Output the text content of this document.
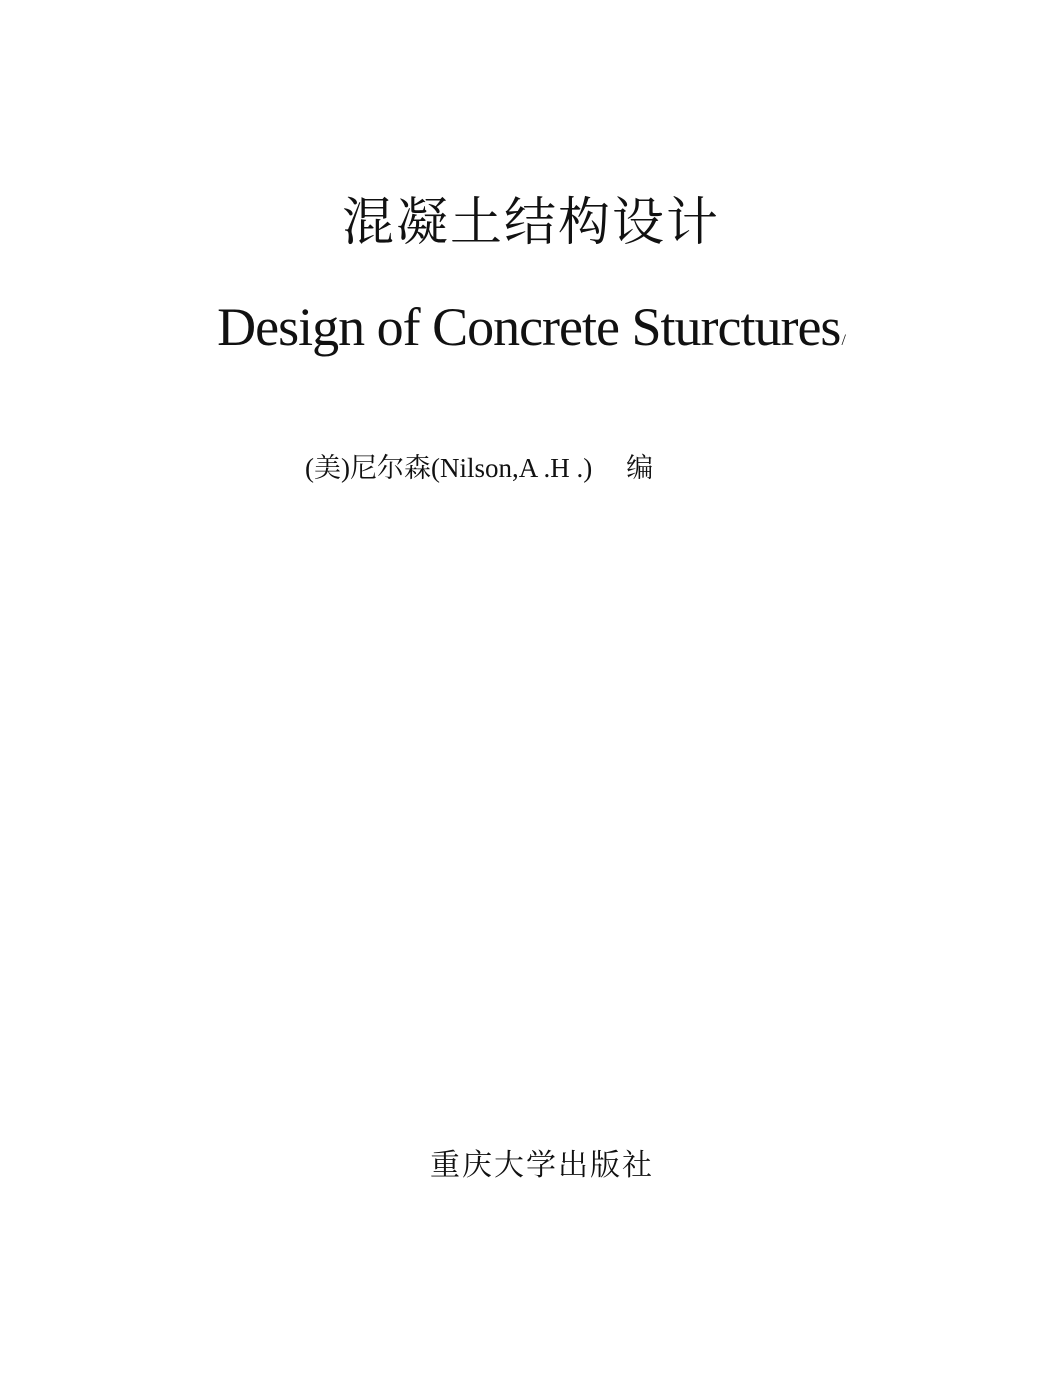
混凝土结构设计
Design of Concrete Sturctures/
(美)尼尔森(Nilson,A .H .) 编
重庆大学出版社
